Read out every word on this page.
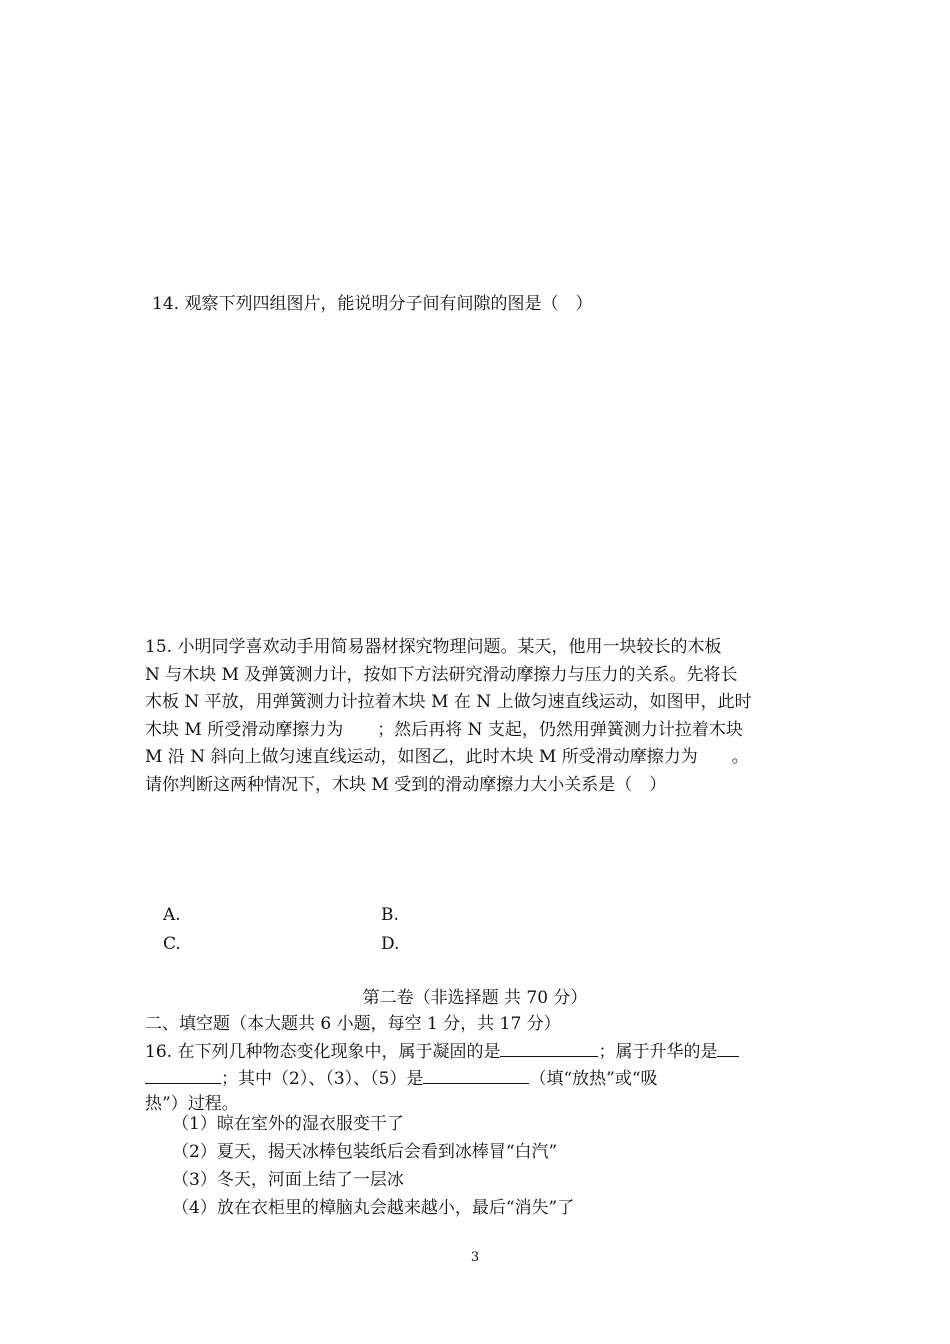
14. 观察下列四组图片，能说明分子间有间隙的图是（　）
15. 小明同学喜欢动手用简易器材探究物理问题。某天，他用一块较长的木板
N 与木块 M 及弹簧测力计，按如下方法研究滑动摩擦力与压力的关系。先将长
木板 N 平放，用弹簧测力计拉着木块 M 在 N 上做匀速直线运动，如图甲，此时
木块 M 所受滑动摩擦力为　　；然后再将 N 支起，仍然用弹簧测力计拉着木块
M 沿 N 斜向上做匀速直线运动，如图乙，此时木块 M 所受滑动摩擦力为　　。
请你判断这两种情况下，木块 M 受到的滑动摩擦力大小关系是（　）
A.	B.
C.	D.
第二卷（非选择题 共 70 分）
二、填空题（本大题共 6 小题，每空 1 分，共 17 分）
16. 在下列几种物态变化现象中，属于凝固的是	；属于升华的是
；其中（2）、（3）、（5）是	（填“放热”或“吸
热”）过程。
（1）晾在室外的湿衣服变干了
（2）夏天，揭天冰棒包装纸后会看到冰棒冒“白汽”
（3）冬天，河面上结了一层冰
（4）放在衣柜里的樟脑丸会越来越小，最后“消失”了
3
